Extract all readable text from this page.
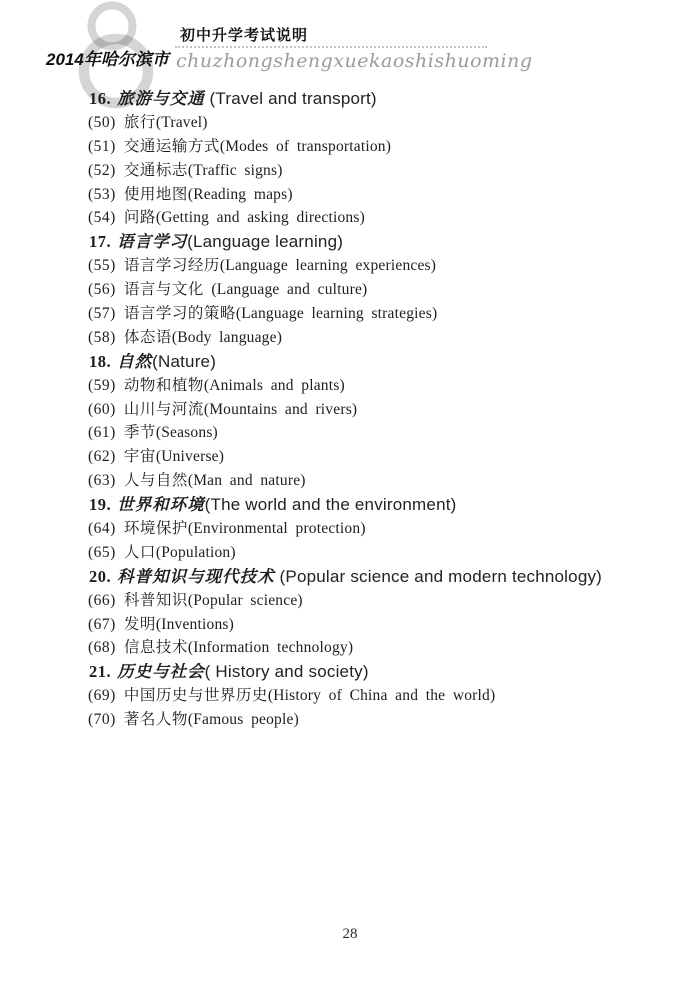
初中升学考试说明
chuzhongshengxuekaoshishuoming
2014年哈尔滨市
16. 旅游与交通 (Travel and transport)
(50) 旅行(Travel)
(51) 交通运输方式(Modes of transportation)
(52) 交通标志(Traffic signs)
(53) 使用地图(Reading maps)
(54) 问路(Getting and asking directions)
17. 语言学习(Language learning)
(55) 语言学习经历(Language learning experiences)
(56) 语言与文化 (Language and culture)
(57) 语言学习的策略(Language learning strategies)
(58) 体态语(Body language)
18. 自然(Nature)
(59) 动物和植物(Animals and plants)
(60) 山川与河流(Mountains and rivers)
(61) 季节(Seasons)
(62) 宇宙(Universe)
(63) 人与自然(Man and nature)
19. 世界和环境(The world and the environment)
(64) 环境保护(Environmental protection)
(65) 人口(Population)
20. 科普知识与现代技术 (Popular science and modern technology)
(66) 科普知识(Popular science)
(67) 发明(Inventions)
(68) 信息技术(Information technology)
21. 历史与社会( History and society)
(69) 中国历史与世界历史(History of China and the world)
(70) 著名人物(Famous people)
28
